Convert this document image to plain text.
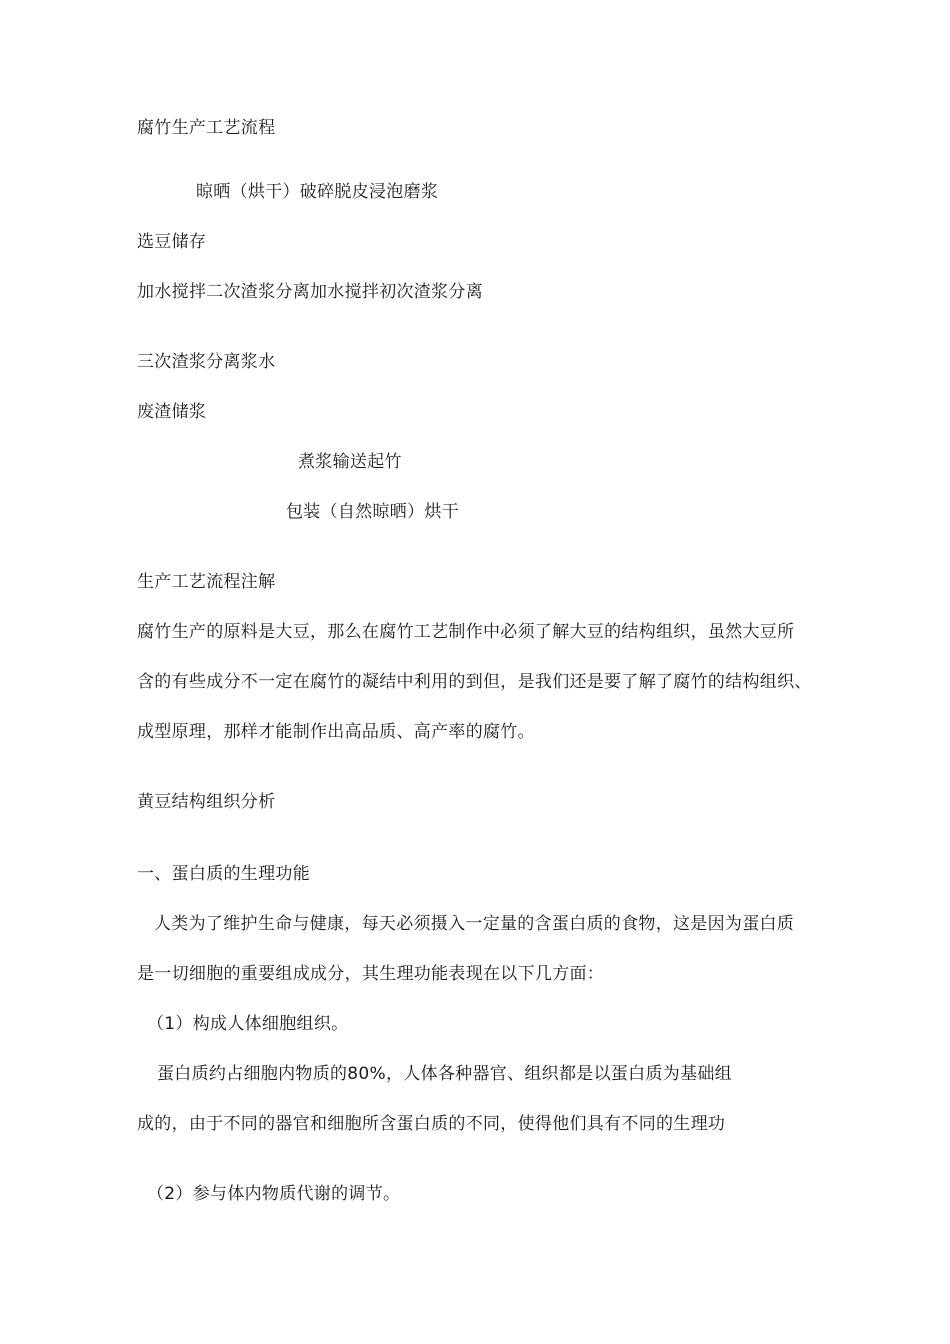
腐竹生产工艺流程
晾晒（烘干）破碎脱皮浸泡磨浆
选豆储存
加水搅拌二次渣浆分离加水搅拌初次渣浆分离
三次渣浆分离浆水
废渣储浆
煮浆输送起竹
包装（自然晾晒）烘干
生产工艺流程注解
腐竹生产的原料是大豆，那么在腐竹工艺制作中必须了解大豆的结构组织，虽然大豆所
含的有些成分不一定在腐竹的凝结中利用的到但，是我们还是要了解了腐竹的结构组织、
成型原理，那样才能制作出高品质、高产率的腐竹。
黄豆结构组织分析
一、蛋白质的生理功能
人类为了维护生命与健康，每天必须摄入一定量的含蛋白质的食物，这是因为蛋白质
是一切细胞的重要组成成分，其生理功能表现在以下几方面：
（1）构成人体细胞组织。
蛋白质约占细胞内物质的80%，人体各种器官、组织都是以蛋白质为基础组
成的，由于不同的器官和细胞所含蛋白质的不同，使得他们具有不同的生理功
（2）参与体内物质代谢的调节。
